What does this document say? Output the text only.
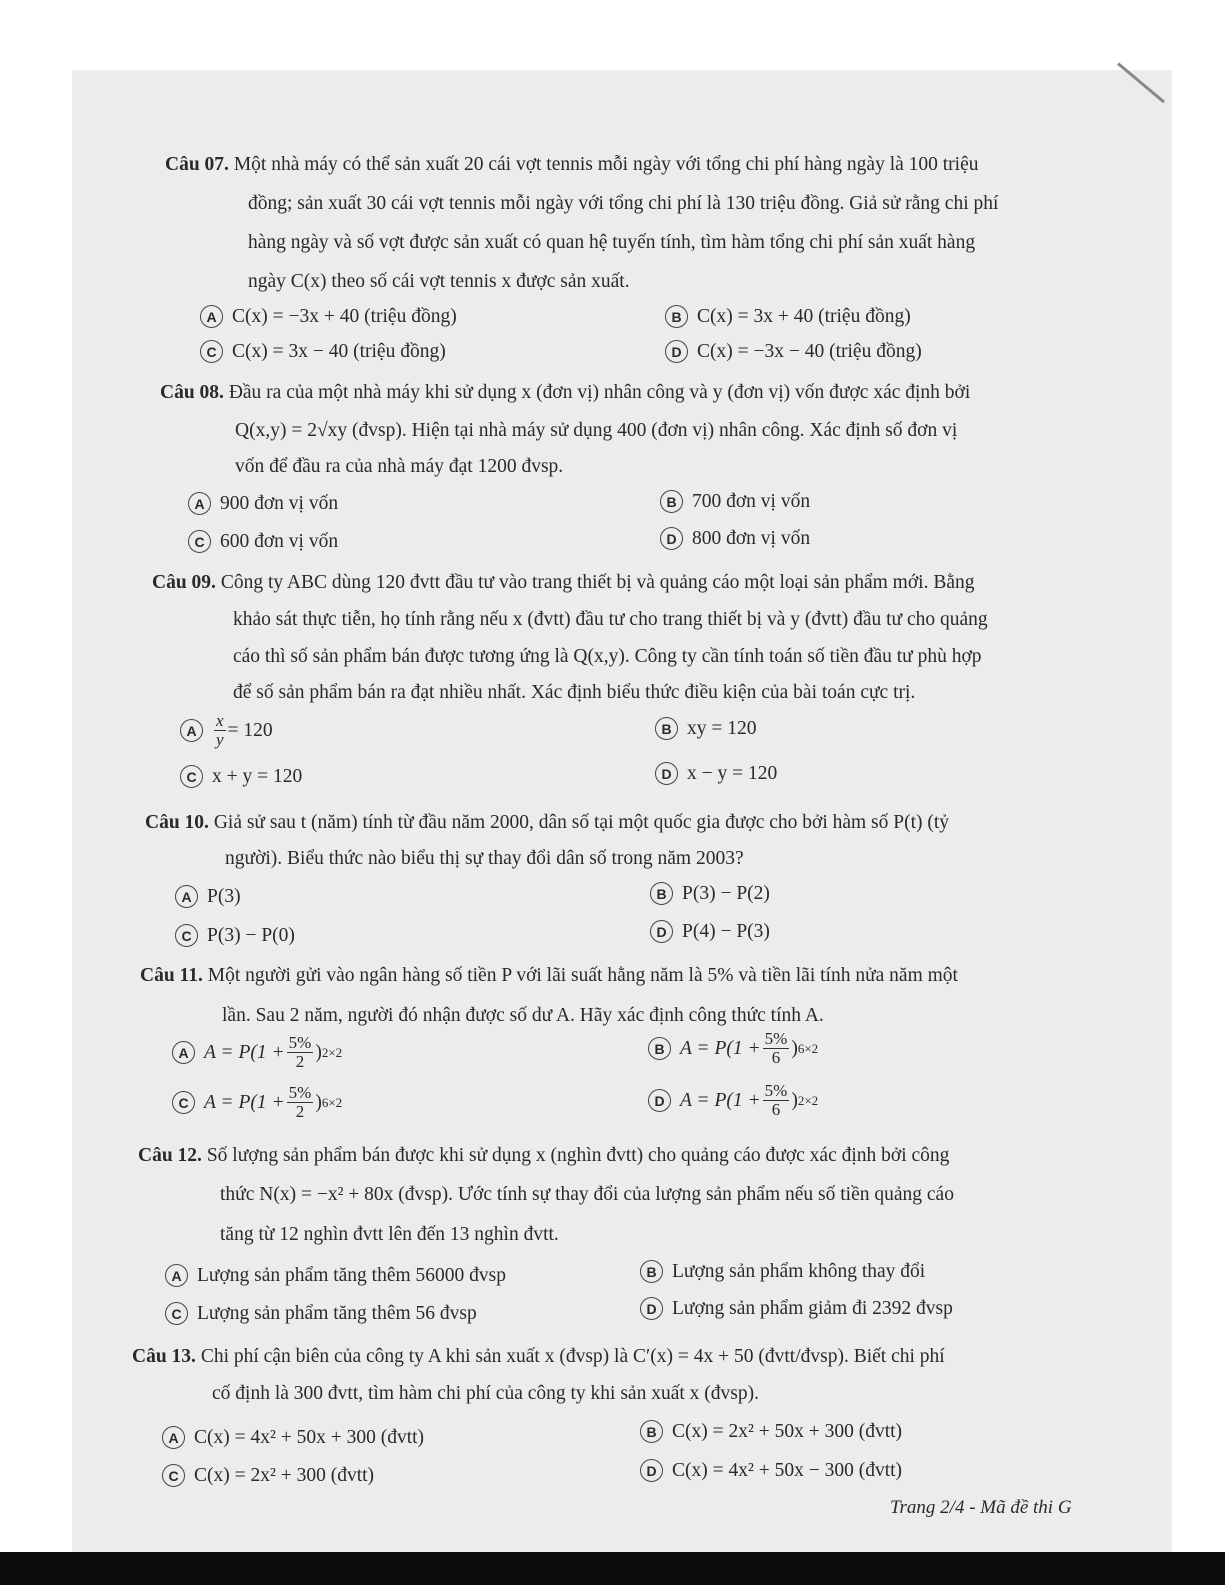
Câu 07. Một nhà máy có thể sản xuất 20 cái vợt tennis mỗi ngày với tổng chi phí hàng ngày là 100 triệu
đồng; sản xuất 30 cái vợt tennis mỗi ngày với tổng chi phí là 130 triệu đồng. Giả sử rằng chi phí
hàng ngày và số vợt được sản xuất có quan hệ tuyến tính, tìm hàm tổng chi phí sản xuất hàng
ngày C(x) theo số cái vợt tennis x được sản xuất.
A C(x) = −3x + 40 (triệu đồng)	B C(x) = 3x + 40 (triệu đồng)
C C(x) = 3x − 40 (triệu đồng)	D C(x) = −3x − 40 (triệu đồng)
Câu 08. Đầu ra của một nhà máy khi sử dụng x (đơn vị) nhân công và y (đơn vị) vốn được xác định bởi
Q(x,y) = 2√xy (đvsp). Hiện tại nhà máy sử dụng 400 (đơn vị) nhân công. Xác định số đơn vị
vốn để đầu ra của nhà máy đạt 1200 đvsp.
A 900 đơn vị vốn	B 700 đơn vị vốn
C 600 đơn vị vốn	D 800 đơn vị vốn
Câu 09. Công ty ABC dùng 120 đvtt đầu tư vào trang thiết bị và quảng cáo một loại sản phẩm mới. Bằng
khảo sát thực tiễn, họ tính rằng nếu x (đvtt) đầu tư cho trang thiết bị và y (đvtt) đầu tư cho quảng
cáo thì số sản phẩm bán được tương ứng là Q(x,y). Công ty cần tính toán số tiền đầu tư phù hợp
để số sản phẩm bán ra đạt nhiều nhất. Xác định biểu thức điều kiện của bài toán cực trị.
A	$\frac{x}{y} = 120$	B xy = 120
C x + y = 120	D x − y = 120
Câu 10. Giả sử sau t (năm) tính từ đầu năm 2000, dân số tại một quốc gia được cho bởi hàm số P(t) (tỷ
người). Biểu thức nào biểu thị sự thay đổi dân số trong năm 2003?
A P(3)	B P(3) − P(2)
C P(3) − P(0)	D P(4) − P(3)
Câu 11. Một người gửi vào ngân hàng số tiền P với lãi suất hằng năm là 5% và tiền lãi tính nửa năm một
lần. Sau 2 năm, người đó nhận được số dư A. Hãy xác định công thức tính A.
A $A = P(1 + \frac{5\%}{2}$ ) 2×2	B $A = P(1 + \frac{5\%}{6}$ ) 6×2
C $A = P(1 + \frac{5\%}{2}$ ) 6×2	D $A = P(1 + \frac{5\%}{6}$ ) 2×2
Câu 12. Số lượng sản phẩm bán được khi sử dụng x (nghìn đvtt) cho quảng cáo được xác định bởi công
thức N(x) = −x² + 80x (đvsp). Ước tính sự thay đổi của lượng sản phẩm nếu số tiền quảng cáo
tăng từ 12 nghìn đvtt lên đến 13 nghìn đvtt.
A Lượng sản phẩm tăng thêm 56000 đvsp	B Lượng sản phẩm không thay đổi
C Lượng sản phẩm tăng thêm 56 đvsp	D Lượng sản phẩm giảm đi 2392 đvsp
Câu 13. Chi phí cận biên của công ty A khi sản xuất x (đvsp) là C′(x) = 4x + 50 (đvtt/đvsp). Biết chi phí
cố định là 300 đvtt, tìm hàm chi phí của công ty khi sản xuất x (đvsp).
A C(x) = 4x² + 50x + 300 (đvtt)	B C(x) = 2x² + 50x + 300 (đvtt)
C C(x) = 2x² + 300 (đvtt)	D C(x) = 4x² + 50x − 300 (đvtt)
Trang 2/4 - Mã đề thi G
